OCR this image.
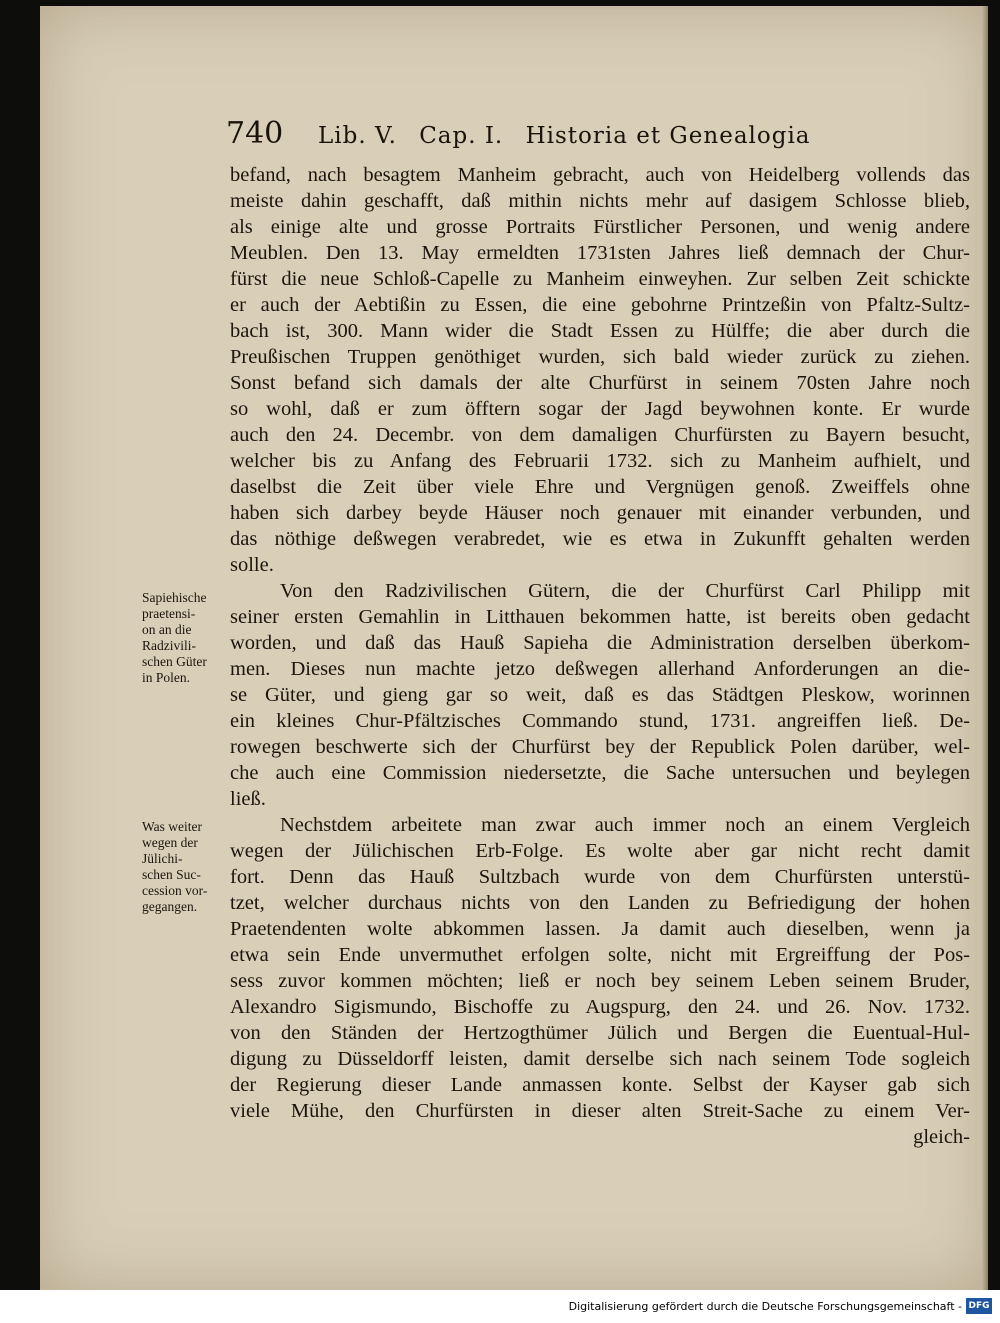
740	Lib. V. Cap. I. Historia et Genealogia
befand, nach besagtem Manheim gebracht, auch von Heidelberg vollends das
meiste dahin geschafft, daß mithin nichts mehr auf dasigem Schlosse blieb,
als einige alte und grosse Portraits Fürstlicher Personen, und wenig andere
Meublen. Den 13. May ermeldten 1731sten Jahres ließ demnach der Chur-
fürst die neue Schloß-Capelle zu Manheim einweyhen. Zur selben Zeit schickte
er auch der Aebtißin zu Essen, die eine gebohrne Printzeßin von Pfaltz-Sultz-
bach ist, 300. Mann wider die Stadt Essen zu Hülffe; die aber durch die
Preußischen Truppen genöthiget wurden, sich bald wieder zurück zu ziehen.
Sonst befand sich damals der alte Churfürst in seinem 70sten Jahre noch
so wohl, daß er zum öfftern sogar der Jagd beywohnen konte. Er wurde
auch den 24. Decembr. von dem damaligen Churfürsten zu Bayern besucht,
welcher bis zu Anfang des Februarii 1732. sich zu Manheim aufhielt, und
daselbst die Zeit über viele Ehre und Vergnügen genoß. Zweiffels ohne
haben sich darbey beyde Häuser noch genauer mit einander verbunden, und
das nöthige deßwegen verabredet, wie es etwa in Zukunfft gehalten werden
solle.
Von den Radzivilischen Gütern, die der Churfürst Carl Philipp mit
seiner ersten Gemahlin in Litthauen bekommen hatte, ist bereits oben gedacht
worden, und daß das Hauß Sapieha die Administration derselben überkom-
men. Dieses nun machte jetzo deßwegen allerhand Anforderungen an die-
se Güter, und gieng gar so weit, daß es das Städtgen Pleskow, worinnen
ein kleines Chur-Pfältzisches Commando stund, 1731. angreiffen ließ. De-
rowegen beschwerte sich der Churfürst bey der Republick Polen darüber, wel-
che auch eine Commission niedersetzte, die Sache untersuchen und beylegen
ließ.
Nechstdem arbeitete man zwar auch immer noch an einem Vergleich
wegen der Jülichischen Erb-Folge. Es wolte aber gar nicht recht damit
fort. Denn das Hauß Sultzbach wurde von dem Churfürsten unterstü-
tzet, welcher durchaus nichts von den Landen zu Befriedigung der hohen
Praetendenten wolte abkommen lassen. Ja damit auch dieselben, wenn ja
etwa sein Ende unvermuthet erfolgen solte, nicht mit Ergreiffung der Pos-
sess zuvor kommen möchten; ließ er noch bey seinem Leben seinem Bruder,
Alexandro Sigismundo, Bischoffe zu Augspurg, den 24. und 26. Nov. 1732.
von den Ständen der Hertzogthümer Jülich und Bergen die Euentual-Hul-
digung zu Düsseldorff leisten, damit derselbe sich nach seinem Tode sogleich
der Regierung dieser Lande anmassen konte. Selbst der Kayser gab sich
viele Mühe, den Churfürsten in dieser alten Streit-Sache zu einem Ver-
gleich-
Sapiehische
praetensi-
on an die
Radzivili-
schen Güter
in Polen.
Was weiter
wegen der
Jülichi-
schen Suc-
cession vor-
gegangen.
Digitalisierung gefördert durch die Deutsche Forschungsgemeinschaft - DFG
